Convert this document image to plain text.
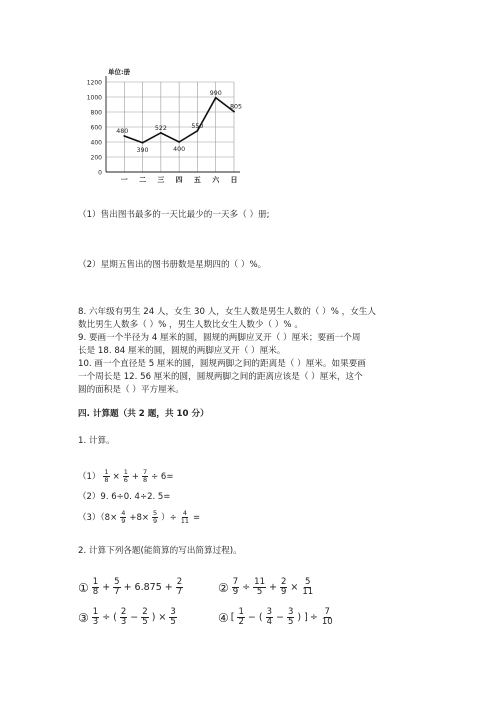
0
200
400
600
800
1000
1200
单位:册
一 二 三 四 五 六 日
480
390
522
400
550
990
805
（1）售出图书最多的一天比最少的一天多（ ）册;
（2）星期五售出的图书册数是星期四的（ ）%。
8. 六年级有男生 24 人，女生 30 人，女生人数是男生人数的（ ）% ，女生人
数比男生人数多（ ）% ，男生人数比女生人数少（ ）% 。
9. 要画一个半径为 4 厘米的圆，圆规的两脚应叉开（ ）厘米；要画一个周
长是 18. 84 厘米的圆，圆规的两脚应叉开（ ）厘米。
10. 画一个直径是 5 厘米的圆，圆规两脚之间的距离是（ ）厘米。如果要画
一个周长是 12. 56 厘米的圆，圆规两脚之间的距离应该是（ ）厘米，这个
圆的面积是（ ）平方厘米。
四. 计算题（共 2 题，共 10 分）
1. 计算。
$(1) \frac{1}{8} \times \frac{1}{6} + \frac{7}{8} \div 6=$
（2）9. 6÷0. 4÷2. 5=
$(3)(8\times \frac{4}{9} +8\times \frac{5}{9}$ ）÷ $\frac{4}{11}$ =
2. 计算下列各题(能简算的写出简算过程)。
① $\frac{1}{8} + \frac{5}{7} + 6.875 + \frac{2}{7}$	② $\frac{7}{9} \div \frac{11}{5} + \frac{2}{9} \times \frac{5}{11}$
③ $\frac{1}{3}$ ÷ ( $\frac{2}{3} - \frac{2}{5}$ ) × $\frac{3}{5}$	④ [ $\frac{1}{2}$ − ( $\frac{3}{4} - \frac{3}{5}$ ) ] ÷ $\frac{7}{10}$
